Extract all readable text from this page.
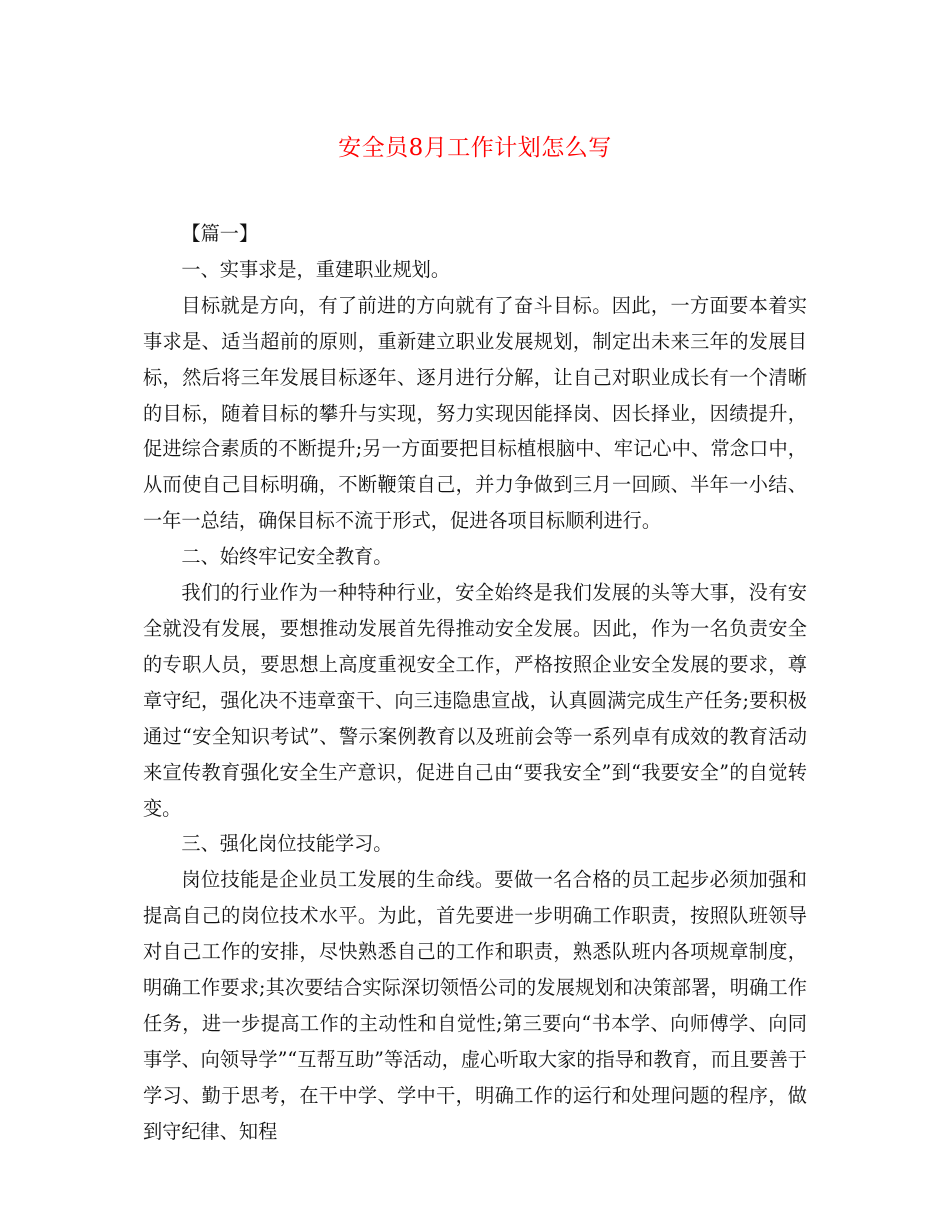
安全员8月工作计划怎么写

【篇一】

一、实事求是，重建职业规划。

目标就是方向，有了前进的方向就有了奋斗目标。因此，一方面要本着实事求是、适当超前的原则，重新建立职业发展规划，制定出未来三年的发展目标，然后将三年发展目标逐年、逐月进行分解，让自己对职业成长有一个清晰的目标，随着目标的攀升与实现，努力实现因能择岗、因长择业，因绩提升，促进综合素质的不断提升;另一方面要把目标植根脑中、牢记心中、常念口中，从而使自己目标明确，不断鞭策自己，并力争做到三月一回顾、半年一小结、一年一总结，确保目标不流于形式，促进各项目标顺利进行。

二、始终牢记安全教育。

我们的行业作为一种特种行业，安全始终是我们发展的头等大事，没有安全就没有发展，要想推动发展首先得推动安全发展。因此，作为一名负责安全的专职人员，要思想上高度重视安全工作，严格按照企业安全发展的要求，尊章守纪，强化决不违章蛮干、向三违隐患宣战，认真圆满完成生产任务;要积极通过“安全知识考试”、警示案例教育以及班前会等一系列卓有成效的教育活动来宣传教育强化安全生产意识，促进自己由“要我安全”到“我要安全”的自觉转变。

三、强化岗位技能学习。

岗位技能是企业员工发展的生命线。要做一名合格的员工起步必须加强和提高自己的岗位技术水平。为此，首先要进一步明确工作职责，按照队班领导对自己工作的安排，尽快熟悉自己的工作和职责，熟悉队班内各项规章制度，明确工作要求;其次要结合实际深切领悟公司的发展规划和决策部署，明确工作任务，进一步提高工作的主动性和自觉性;第三要向“书本学、向师傅学、向同事学、向领导学”“互帮互助”等活动，虚心听取大家的指导和教育，而且要善于学习、勤于思考，在干中学、学中干，明确工作的运行和处理问题的程序，做到守纪律、知程
